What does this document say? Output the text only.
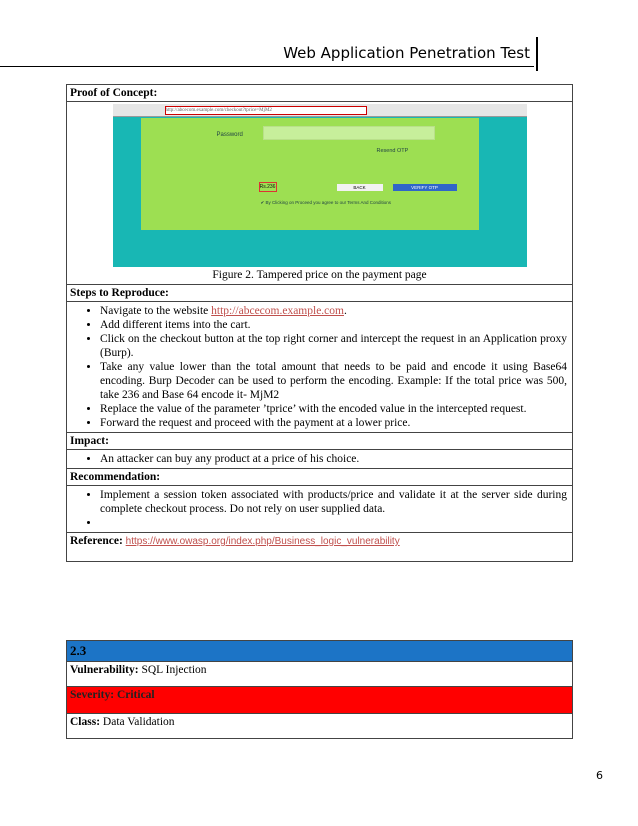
Web Application Penetration Test
Proof of Concept:

http://abcecom.example.com/checkout?tprice=MjM2
Password
Resend OTP
Rs.236	BACK	VERIFY OTP
✔ By Clicking on Proceed you agree to our Terms And Conditions
Figure 2. Tampered price on the payment page

Steps to Reproduce:

• Navigate to the website http://abcecom.example.com.
• Add different items into the cart.
• Click on the checkout button at the top right corner and intercept the request in an Application proxy (Burp).
• Take any value lower than the total amount that needs to be paid and encode it using Base64 encoding. Burp Decoder can be used to perform the encoding. Example: If the total price was 500, take 236 and Base 64 encode it- MjM2
• Replace the value of the parameter ’tprice’ with the encoded value in the intercepted request.
• Forward the request and proceed with the payment at a lower price.

Impact:

• An attacker can buy any product at a price of his choice.

Recommendation:

• Implement a session token associated with products/price and validate it at the server side during complete checkout process. Do not rely on user supplied data.
•

Reference: https://www.owasp.org/index.php/Business_logic_vulnerability
2.3
Vulnerability: SQL Injection
Severity: Critical
Class: Data Validation
6
